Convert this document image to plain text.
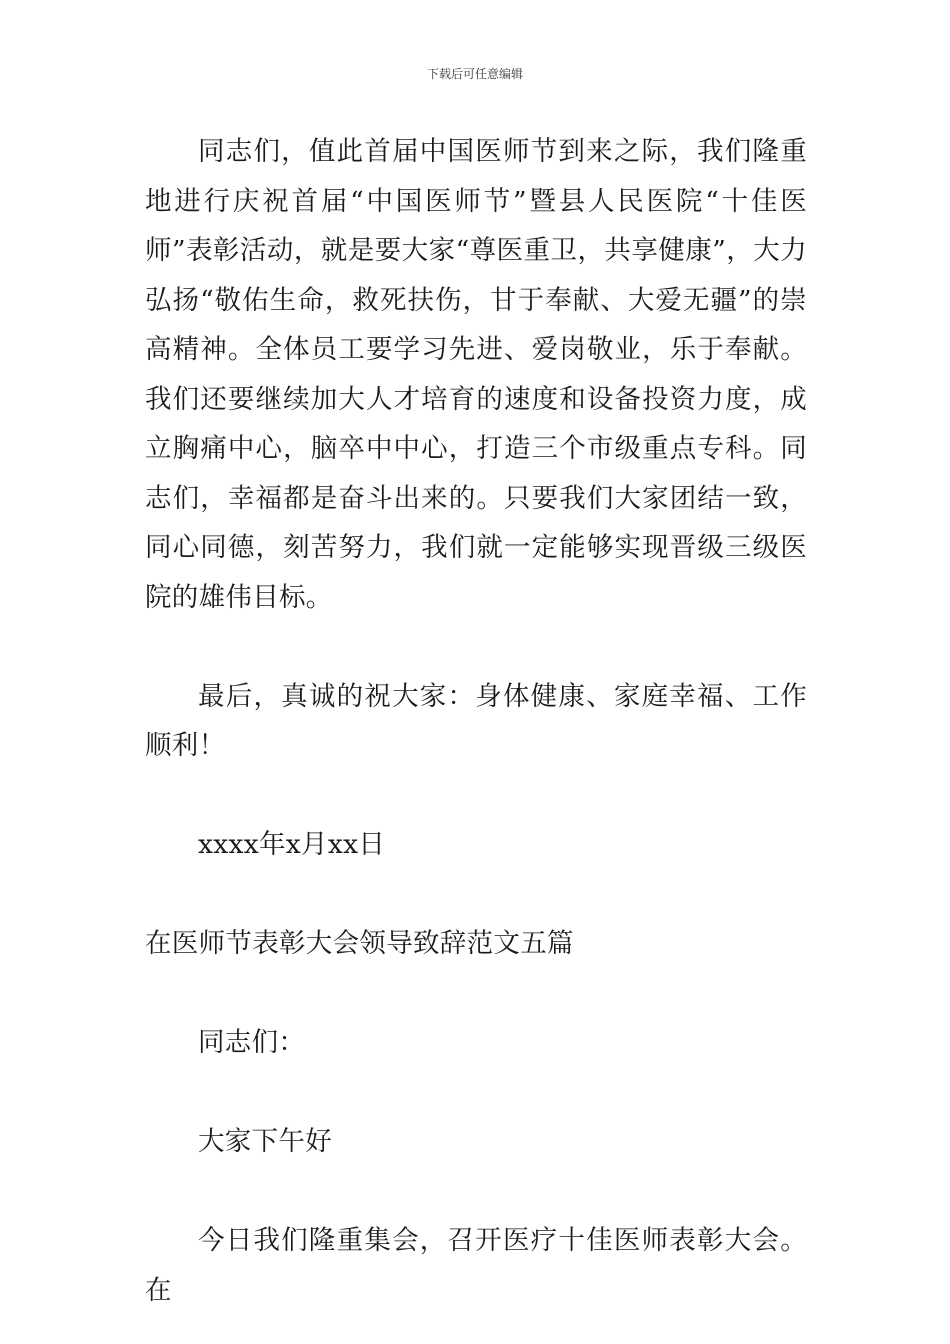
下载后可任意编辑

同志们，值此首届中国医师节到来之际，我们隆重地进行庆祝首届“中国医师节”暨县人民医院“十佳医师”表彰活动，就是要大家“尊医重卫，共享健康”，大力弘扬“敬佑生命，救死扶伤，甘于奉献、大爱无疆”的崇高精神。全体员工要学习先进、爱岗敬业，乐于奉献。我们还要继续加大人才培育的速度和设备投资力度，成立胸痛中心，脑卒中中心，打造三个市级重点专科。同志们，幸福都是奋斗出来的。只要我们大家团结一致，同心同德，刻苦努力，我们就一定能够实现晋级三级医院的雄伟目标。

最后，真诚的祝大家：身体健康、家庭幸福、工作顺利！

xxxx年x月xx日

在医师节表彰大会领导致辞范文五篇

同志们：

大家下午好

今日我们隆重集会，召开医疗十佳医师表彰大会。在
